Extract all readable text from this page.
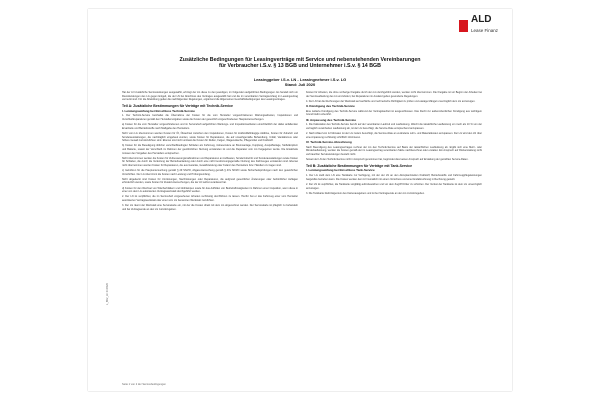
ALD
Lease Finanz
Zusätzliche Bedingungen für Leasingverträge mit Service und nebenstehenden Vereinbarungen
für Verbraucher i.S.v. § 13 BGB und Unternehmer i.S.v. § 14 BGB
Leasinggeber i.S.v. LN - Leasingnehmer i.S.v. LG
Stand: Juli 2020

Hat der LN zusätzliche Serviceleistungen ausgewählt, erbringt der LG diese zu den jeweiligen, im Folgenden aufgeführten Bedingungen. Es handelt sich um Dienstleistungen des LG gegen Entgelt, die der LN bei Abschluss des Vertrages ausgewählt hat und die im vereinbarten Vertragsumfang im Leasingvertrag vermerkt sind. Für die Abwicklung gelten die nachfolgenden Regelungen, ergänzend die Allgemeinen Geschäftsbedingungen des Leasingvertrages.

Teil A: Zusätzliche Bestimmungen für Verträge mit Technik-Service
I. Leistungsumfang bei Einschluss Technik-Service

1. Der Technik-Service beinhaltet die Übernahme der Kosten für die vom Hersteller vorgeschriebenen Wartungsarbeiten, Inspektionen und Verschleißreparaturen gemäß den Herstellervorgaben sowie die Kosten der gesetzlich vorgeschriebenen Hauptuntersuchungen.

a) Kosten für die vom Hersteller vorgeschriebenen und im Serviceheft aufgeführten Wartungs- und Inspektionsarbeiten einschließlich der dabei anfallenden Ersatzteile und Betriebsstoffe nach Maßgabe des Herstellers.

Nicht vom LG übernommen werden Kosten für Öl, Ölwechsel zwischen den Inspektionen, Kosten für kraftstoffabhängige Additive, Kosten für Zubehör und Sonderausstattungen, die nachträglich eingebaut wurden, sowie Kosten für Reparaturen, die auf unsachgemäße Behandlung, Unfall, Vandalismus oder höhere Gewalt zurückzuführen sind. Ebenso sind nicht umfasst die Kosten für Reifen, Felgen, Wagenwäsche, Pflegemittel und Kraftstoff.

b) Kosten für die Beseitigung üblicher verschleißbedingter Schäden am Fahrzeug, insbesondere an Bremsanlage, Kupplung, Auspuffanlage, Stoßdämpfern und Batterie, soweit der Verschleiß im Rahmen der gewöhnlichen Nutzung entstanden ist und die Reparatur vom LG freigegeben wurde. Die Ersatzteile müssen den Vorgaben des Herstellers entsprechen.

Nicht übernommen werden die Kosten für Verbesserungsmaßnahmen und Reparaturen an Aufbauten, Sonderzubehör und Sonderausstattungen sowie Kosten für Schäden, die durch die Verletzung der Betriebsanleitung oder durch eine nicht bestimmungsgemäße Nutzung des Fahrzeuges entstanden sind. Ebenso nicht übernommen werden Kosten für Reparaturen, die aus Garantie, Gewährleistung oder Kulanz des Herstellers bzw. Händlers zu tragen sind.

c) Gebühren für die Hauptuntersuchung gemäß § 29 StVZO, Abgasuntersuchung gemäß § 47a StVZO sowie Sicherheitsprüfungen nach den gesetzlichen Vorschriften. Der LG übernimmt die Kosten nach Leistung und Prüfungsumfang.

Nicht abgedeckt sind Kosten für Umrüstungen, Nachrüstungen oder Reparaturen, die aufgrund gesetzlicher Änderungen oder behördlicher Auflagen erforderlich werden, sowie Kosten für Zusatzuntersuchungen, die der LN selbst veranlasst hat.

d) Kosten für den Wechsel von Wischerblättern und Glühlampen sowie für das Auffüllen von Betriebsflüssigkeiten im Rahmen einer Inspektion, wenn diese in einer von dem LG autorisierten Vertragswerkstatt durchgeführt werden.

2. Der LN ist verpflichtet, die im Serviceheft vorgesehenen Arbeiten rechtzeitig durchführen zu lassen. Hierfür hat er das Fahrzeug einer vom Hersteller autorisierten Vertragswerkstatt oder einer vom LG benannten Werkstatt zuzuführen.

3. Der LG räumt der Werkstatt eine Servicekarte ein, mit der die Kosten direkt mit dem LG abgerechnet werden. Der Servicekarte ist pfleglich zu behandeln und bei Vertragsende an den LG zurückzugeben.

Kosten für Arbeiten, die ohne vorherige Freigabe durch den LG durchgeführt wurden, werden nicht übernommen. Die Freigabe ist vor Beginn der Arbeiten bei der Serviceabteilung des LG einzuholen; bei Reparaturen im Ausland gelten gesonderte Regelungen.

4. Der LN hat die Rechnungen der Werkstatt auf sachliche und rechnerische Richtigkeit zu prüfen und etwaige Mängel unverzüglich dem LG anzuzeigen.

II. Kündigung des Technik-Service

Eine isolierte Kündigung des Technik-Service während der Vertragslaufzeit ist ausgeschlossen. Das Recht zur außerordentlichen Kündigung aus wichtigem Grund bleibt unberührt.

III. Anpassung des Technik-Service

1. Die Kalkulation des Technik-Service beruht auf der vereinbarten Laufzeit und Laufleistung. Weicht die tatsächliche Laufleistung um mehr als 10 % von der vertraglich vereinbarten Laufleistung ab, ist der LG berechtigt, die Service-Rate entsprechend anzupassen.

2. Nach Ablauf von 12 Monaten ist der LG zudem berechtigt, die Service-Rate an veränderte Lohn- und Materialkosten anzupassen. Der LG wird den LN über eine Anpassung rechtzeitig schriftlich informieren.

IV. Technik-Service-Abrechnung

Nach Beendigung des Leasingvertrages rechnet der LG den Technik-Service auf Basis der tatsächlichen Laufleistung ab. Ergibt sich eine Mehr- oder Minderlaufleistung, werden die Kosten gemäß der im Leasingvertrag vereinbarten Sätze nachberechnet oder erstattet. Ein Anspruch auf Rückerstattung nicht verbrauchter Serviceleistungen besteht nicht.

Soweit der LN den Technik-Service nicht in Anspruch genommen hat, begründet dies keinen Anspruch auf Erstattung der gezahlten Service-Raten.

Teil B: Zusätzliche Bestimmungen für Verträge mit Tank-Service
I. Leistungsumfang bei Einschluss Tank-Service

1. Der LG stellt dem LN eine Tankkarte zur Verfügung, mit der der LN an den Akzeptanzstellen Kraftstoff, Betriebsstoffe und Fahrzeugpflegeleistungen bargeldlos beziehen kann. Die Kosten werden dem LN monatlich mit einem Vorschuss und einer Endabrechnung in Rechnung gestellt.

2. Der LN ist verpflichtet, die Tankkarte sorgfältig aufzubewahren und vor dem Zugriff Dritter zu schützen. Der Verlust der Tankkarte ist dem LG unverzüglich anzuzeigen.

3. Die Tankkarte bleibt Eigentum des Kartenausgebers und ist bei Vertragsende an den LG zurückzugeben.

L_B02_LF 07/2020
Seite 1 von 2 der Servicebedingungen
